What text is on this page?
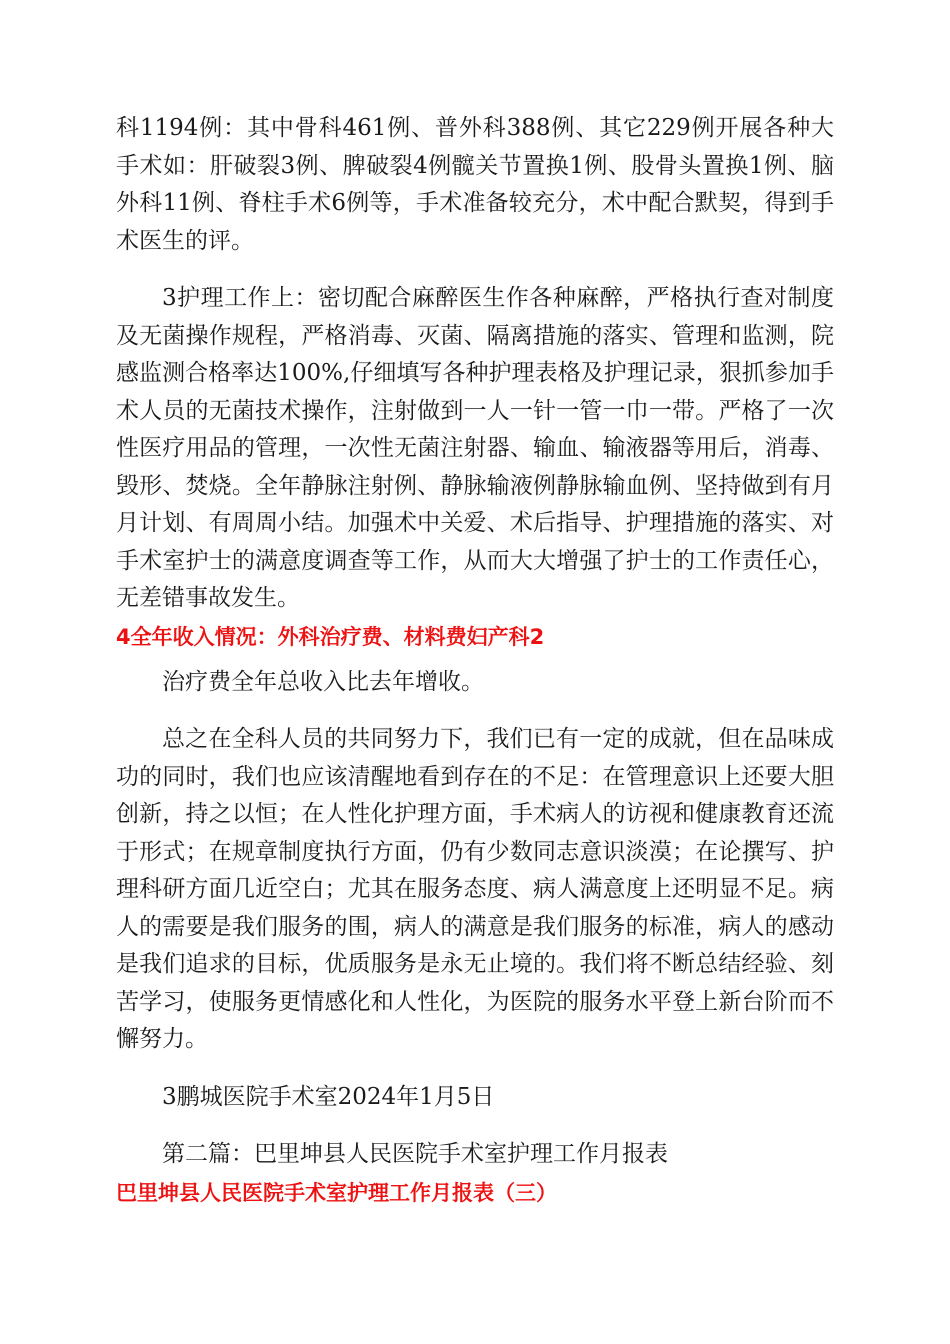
科1194例：其中骨科461例、普外科388例、其它229例开展各种大手术如：肝破裂3例、脾破裂4例髋关节置换1例、股骨头置换1例、脑外科11例、脊柱手术6例等，手术准备较充分，术中配合默契，得到手术医生的评。

3护理工作上：密切配合麻醉医生作各种麻醉，严格执行查对制度及无菌操作规程，严格消毒、灭菌、隔离措施的落实、管理和监测，院感监测合格率达100%,仔细填写各种护理表格及护理记录，狠抓参加手术人员的无菌技术操作，注射做到一人一针一管一巾一带。严格了一次性医疗用品的管理，一次性无菌注射器、输血、输液器等用后，消毒、毁形、焚烧。全年静脉注射例、静脉输液例静脉输血例、坚持做到有月月计划、有周周小结。加强术中关爱、术后指导、护理措施的落实、对手术室护士的满意度调查等工作，从而大大增强了护士的工作责任心，无差错事故发生。

4全年收入情况：外科治疗费、材料费妇产科2

治疗费全年总收入比去年增收。

总之在全科人员的共同努力下，我们已有一定的成就，但在品味成功的同时，我们也应该清醒地看到存在的不足：在管理意识上还要大胆创新，持之以恒；在人性化护理方面，手术病人的访视和健康教育还流于形式；在规章制度执行方面，仍有少数同志意识淡漠；在论撰写、护理科研方面几近空白；尤其在服务态度、病人满意度上还明显不足。病人的需要是我们服务的围，病人的满意是我们服务的标准，病人的感动是我们追求的目标，优质服务是永无止境的。我们将不断总结经验、刻苦学习，使服务更情感化和人性化，为医院的服务水平登上新台阶而不懈努力。

3鹏城医院手术室2024年1月5日

第二篇：巴里坤县人民医院手术室护理工作月报表

巴里坤县人民医院手术室护理工作月报表（三）
